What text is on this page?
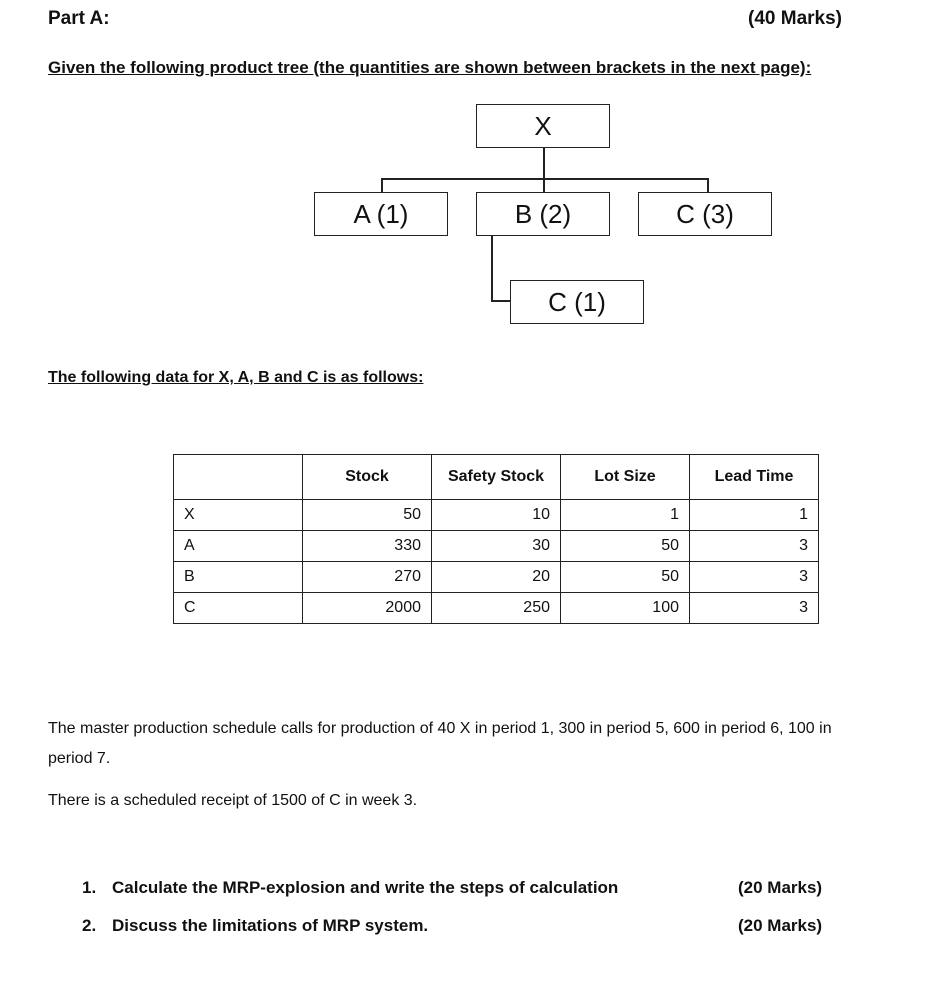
Part A:	(40 Marks)
Given the following product tree (the quantities are shown between brackets in the next page):
X
A (1)	B (2)	C (3)
C (1)
The following data for X, A, B and C is as follows:
	Stock	Safety Stock	Lot Size	Lead Time
X	50	10	1	1
A	330	30	50	3
B	270	20	50	3
C	2000	250	100	3
The master production schedule calls for production of 40 X in period 1, 300 in period 5, 600 in period 6, 100 in period 7.
There is a scheduled receipt of 1500 of C in week 3.
1. Calculate the MRP-explosion and write the steps of calculation	(20 Marks)
2. Discuss the limitations of MRP system.	(20 Marks)
